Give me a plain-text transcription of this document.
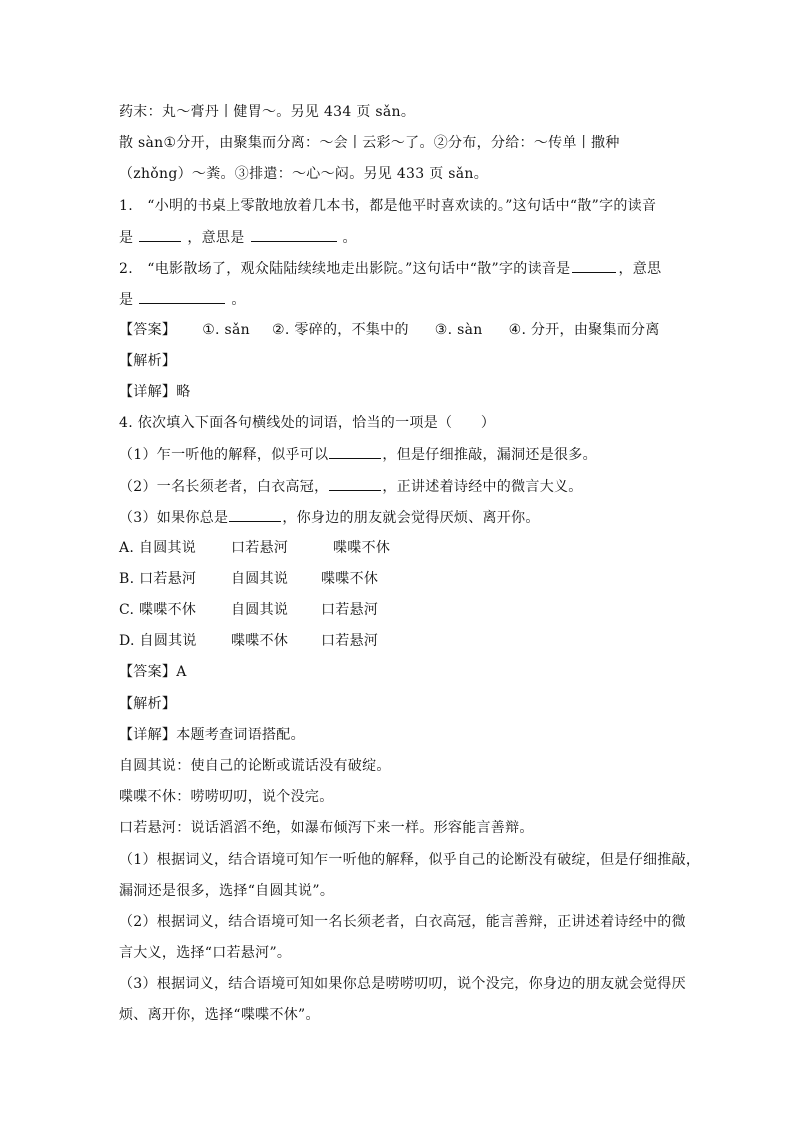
药末：丸～膏丹丨健胃～。另见 434 页 sǎn。
散 sàn①分开，由聚集而分离：～会丨云彩～了。②分布，分给：～传单丨撒种
（zhǒng）～粪。③排遣：～心～闷。另见 433 页 sǎn。
1.　“小明的书桌上零散地放着几本书，都是他平时喜欢读的。”这句话中“散”字的读音
是	，意思是	。
2.　“电影散场了，观众陆陆续续地走出影院。”这句话中“散”字的读音是	，意思
是	。
【答案】 ①. sǎn ②. 零碎的，不集中的 ③. sàn ④. 分开，由聚集而分离
【解析】
【详解】略
4. 依次填入下面各句横线处的词语，恰当的一项是（　　）
（1）乍一听他的解释，似乎可以	，但是仔细推敲，漏洞还是很多。
（2）一名长须老者，白衣高冠，	，正讲述着诗经中的微言大义。
（3）如果你总是	，你身边的朋友就会觉得厌烦、离开你。
A. 自圆其说 口若悬河	喋喋不休
B. 口若悬河 自圆其说 喋喋不休
C. 喋喋不休 自圆其说 口若悬河
D. 自圆其说 喋喋不休 口若悬河
【答案】A
【解析】
【详解】本题考查词语搭配。
自圆其说：使自己的论断或谎话没有破绽。
喋喋不休：唠唠叨叨，说个没完。
口若悬河：说话滔滔不绝，如瀑布倾泻下来一样。形容能言善辩。
（1）根据词义，结合语境可知乍一听他的解释，似乎自己的论断没有破绽，但是仔细推敲，
漏洞还是很多，选择“自圆其说”。
（2）根据词义，结合语境可知一名长须老者，白衣高冠，能言善辩，正讲述着诗经中的微
言大义，选择“口若悬河”。
（3）根据词义，结合语境可知如果你总是唠唠叨叨，说个没完，你身边的朋友就会觉得厌
烦、离开你，选择“喋喋不休”。
